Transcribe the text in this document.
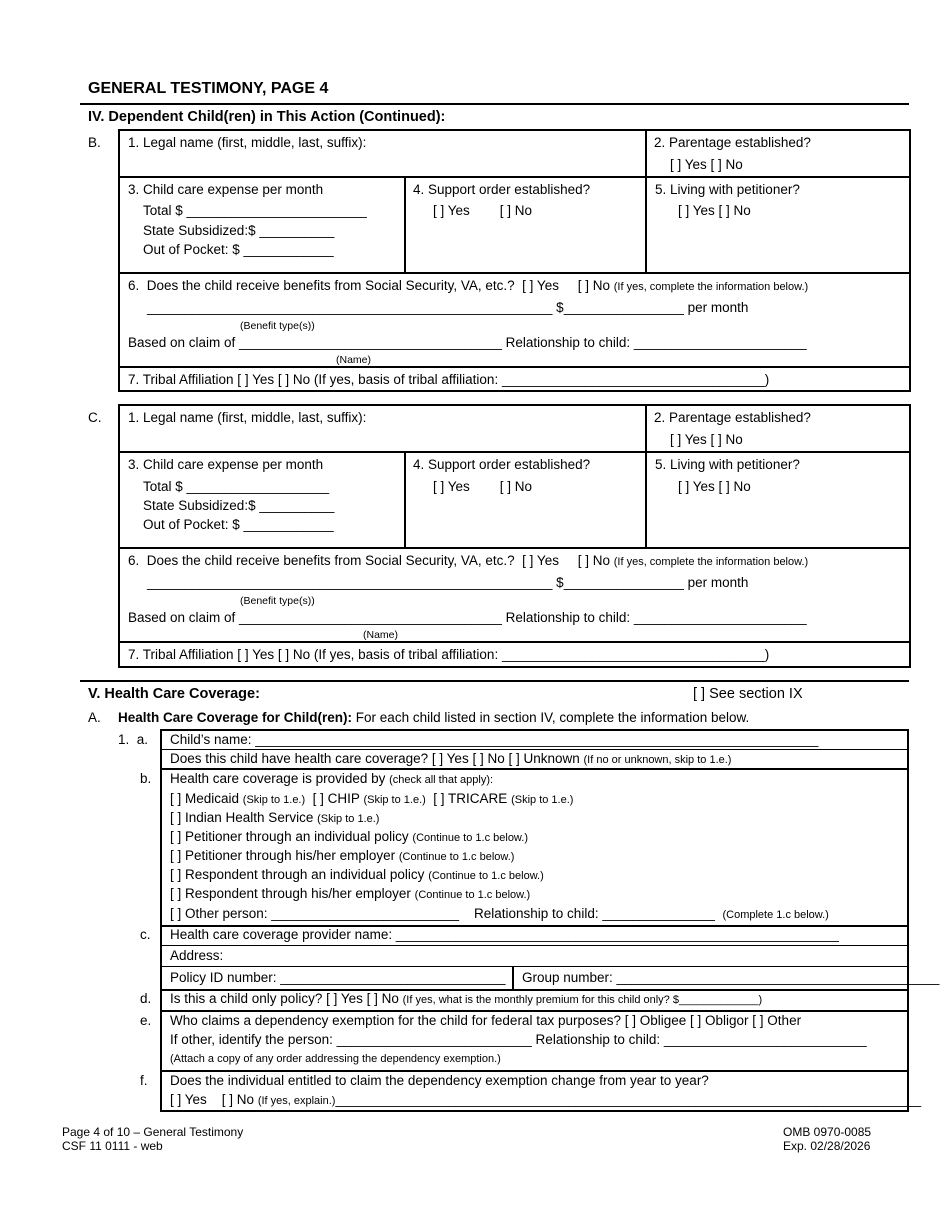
GENERAL TESTIMONY, PAGE 4
IV. Dependent Child(ren) in This Action (Continued):
B. 1. Legal name (first, middle, last, suffix):	2. Parentage established?
[ ] Yes [ ] No
3. Child care expense per month
Total $ ________________________
State Subsidized:$ __________
Out of Pocket: $ ____________
4. Support order established?
[ ] Yes        [ ] No
5. Living with petitioner?
[ ] Yes [ ] No
6.  Does the child receive benefits from Social Security, VA, etc.?  [ ] Yes     [ ] No (If yes, complete the information below.)
______________________________________________________ $________________ per month
(Benefit type(s))
Based on claim of ___________________________________ Relationship to child: _______________________
(Name)
7. Tribal Affiliation [ ] Yes [ ] No (If yes, basis of tribal affiliation: ___________________________________)
C. 1. Legal name (first, middle, last, suffix):	2. Parentage established?
[ ] Yes [ ] No
3. Child care expense per month
Total $ ___________________
State Subsidized:$ __________
Out of Pocket: $ ____________
4. Support order established?
[ ] Yes        [ ] No
5. Living with petitioner?
[ ] Yes [ ] No
6.  Does the child receive benefits from Social Security, VA, etc.?  [ ] Yes     [ ] No (If yes, complete the information below.)
______________________________________________________ $________________ per month
(Benefit type(s))
Based on claim of ___________________________________ Relationship to child: _______________________
(Name)
7. Tribal Affiliation [ ] Yes [ ] No (If yes, basis of tribal affiliation: ___________________________________)
V. Health Care Coverage:	[ ] See section IX
A. Health Care Coverage for Child(ren): For each child listed in section IV, complete the information below.
1.  a. Child’s name: ___________________________________________________________________________
Does this child have health care coverage? [ ] Yes [ ] No [ ] Unknown (If no or unknown, skip to 1.e.)
b. Health care coverage is provided by (check all that apply):
[ ] Medicaid (Skip to 1.e.)  [ ] CHIP (Skip to 1.e.)  [ ] TRICARE (Skip to 1.e.)
[ ] Indian Health Service (Skip to 1.e.)
[ ] Petitioner through an individual policy (Continue to 1.c below.)
[ ] Petitioner through his/her employer (Continue to 1.c below.)
[ ] Respondent through an individual policy (Continue to 1.c below.)
[ ] Respondent through his/her employer (Continue to 1.c below.)
[ ] Other person: _________________________    Relationship to child: _______________ (Complete 1.c below.)
c. Health care coverage provider name: ___________________________________________________________
Address:
Policy ID number: ______________________________ Group number: ___________________________________________
d. Is this a child only policy? [ ] Yes [ ] No (If yes, what is the monthly premium for this child only? $_____________)
e. Who claims a dependency exemption for the child for federal tax purposes? [ ] Obligee [ ] Obligor [ ] Other
If other, identify the person: __________________________ Relationship to child: ___________________________
(Attach a copy of any order addressing the dependency exemption.)
f. Does the individual entitled to claim the dependency exemption change from year to year?
[ ] Yes    [ ] No (If yes, explain.)______________________________________________________________________________
Page 4 of 10 – General Testimony
CSF 11 0111 - web
OMB 0970-0085
Exp. 02/28/2026
